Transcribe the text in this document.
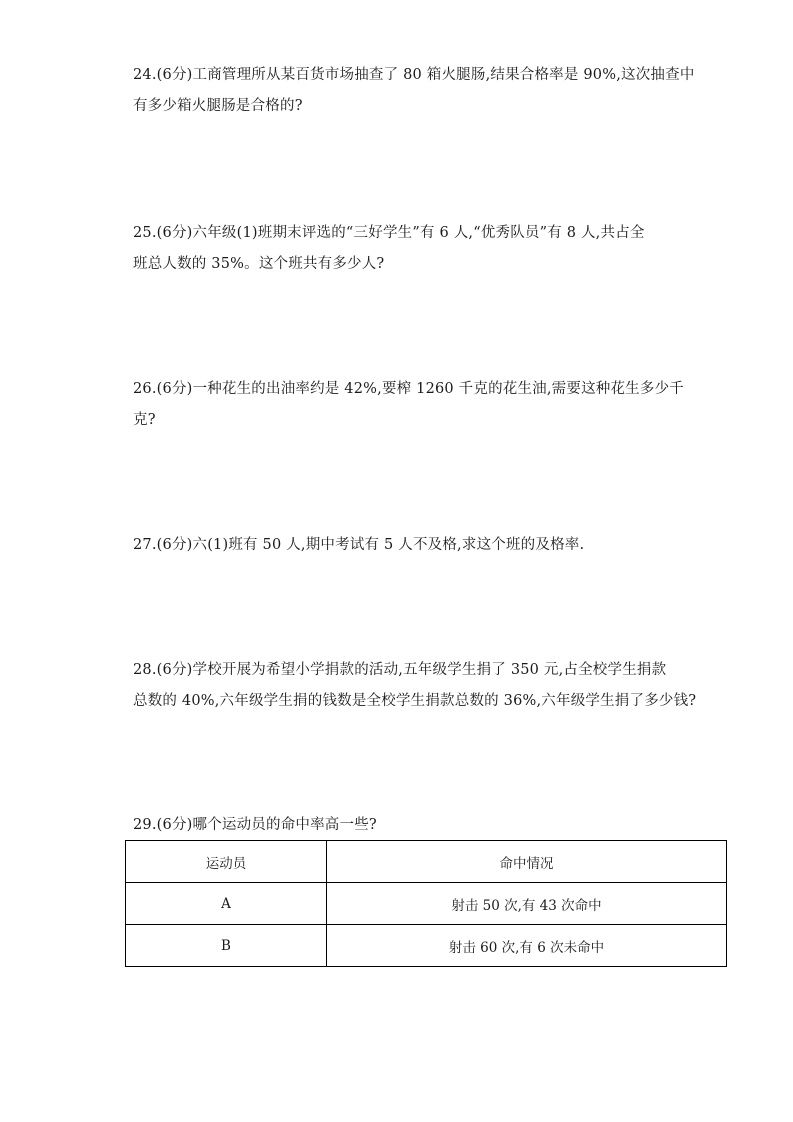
24.(6分)工商管理所从某百货市场抽查了 80 箱火腿肠,结果合格率是 90%,这次抽查中

有多少箱火腿肠是合格的?

25.(6分)六年级(1)班期末评选的“三好学生”有 6 人,“优秀队员”有 8 人,共占全

班总人数的 35%。这个班共有多少人?

26.(6分)一种花生的出油率约是 42%,要榨 1260 千克的花生油,需要这种花生多少千

克?

27.(6分)六(1)班有 50 人,期中考试有 5 人不及格,求这个班的及格率.

28.(6分)学校开展为希望小学捐款的活动,五年级学生捐了 350 元,占全校学生捐款

总数的 40%,六年级学生捐的钱数是全校学生捐款总数的 36%,六年级学生捐了多少钱?

29.(6分)哪个运动员的命中率高一些?

运动员	命中情况
A	射击 50 次,有 43 次命中
B	射击 60 次,有 6 次未命中
